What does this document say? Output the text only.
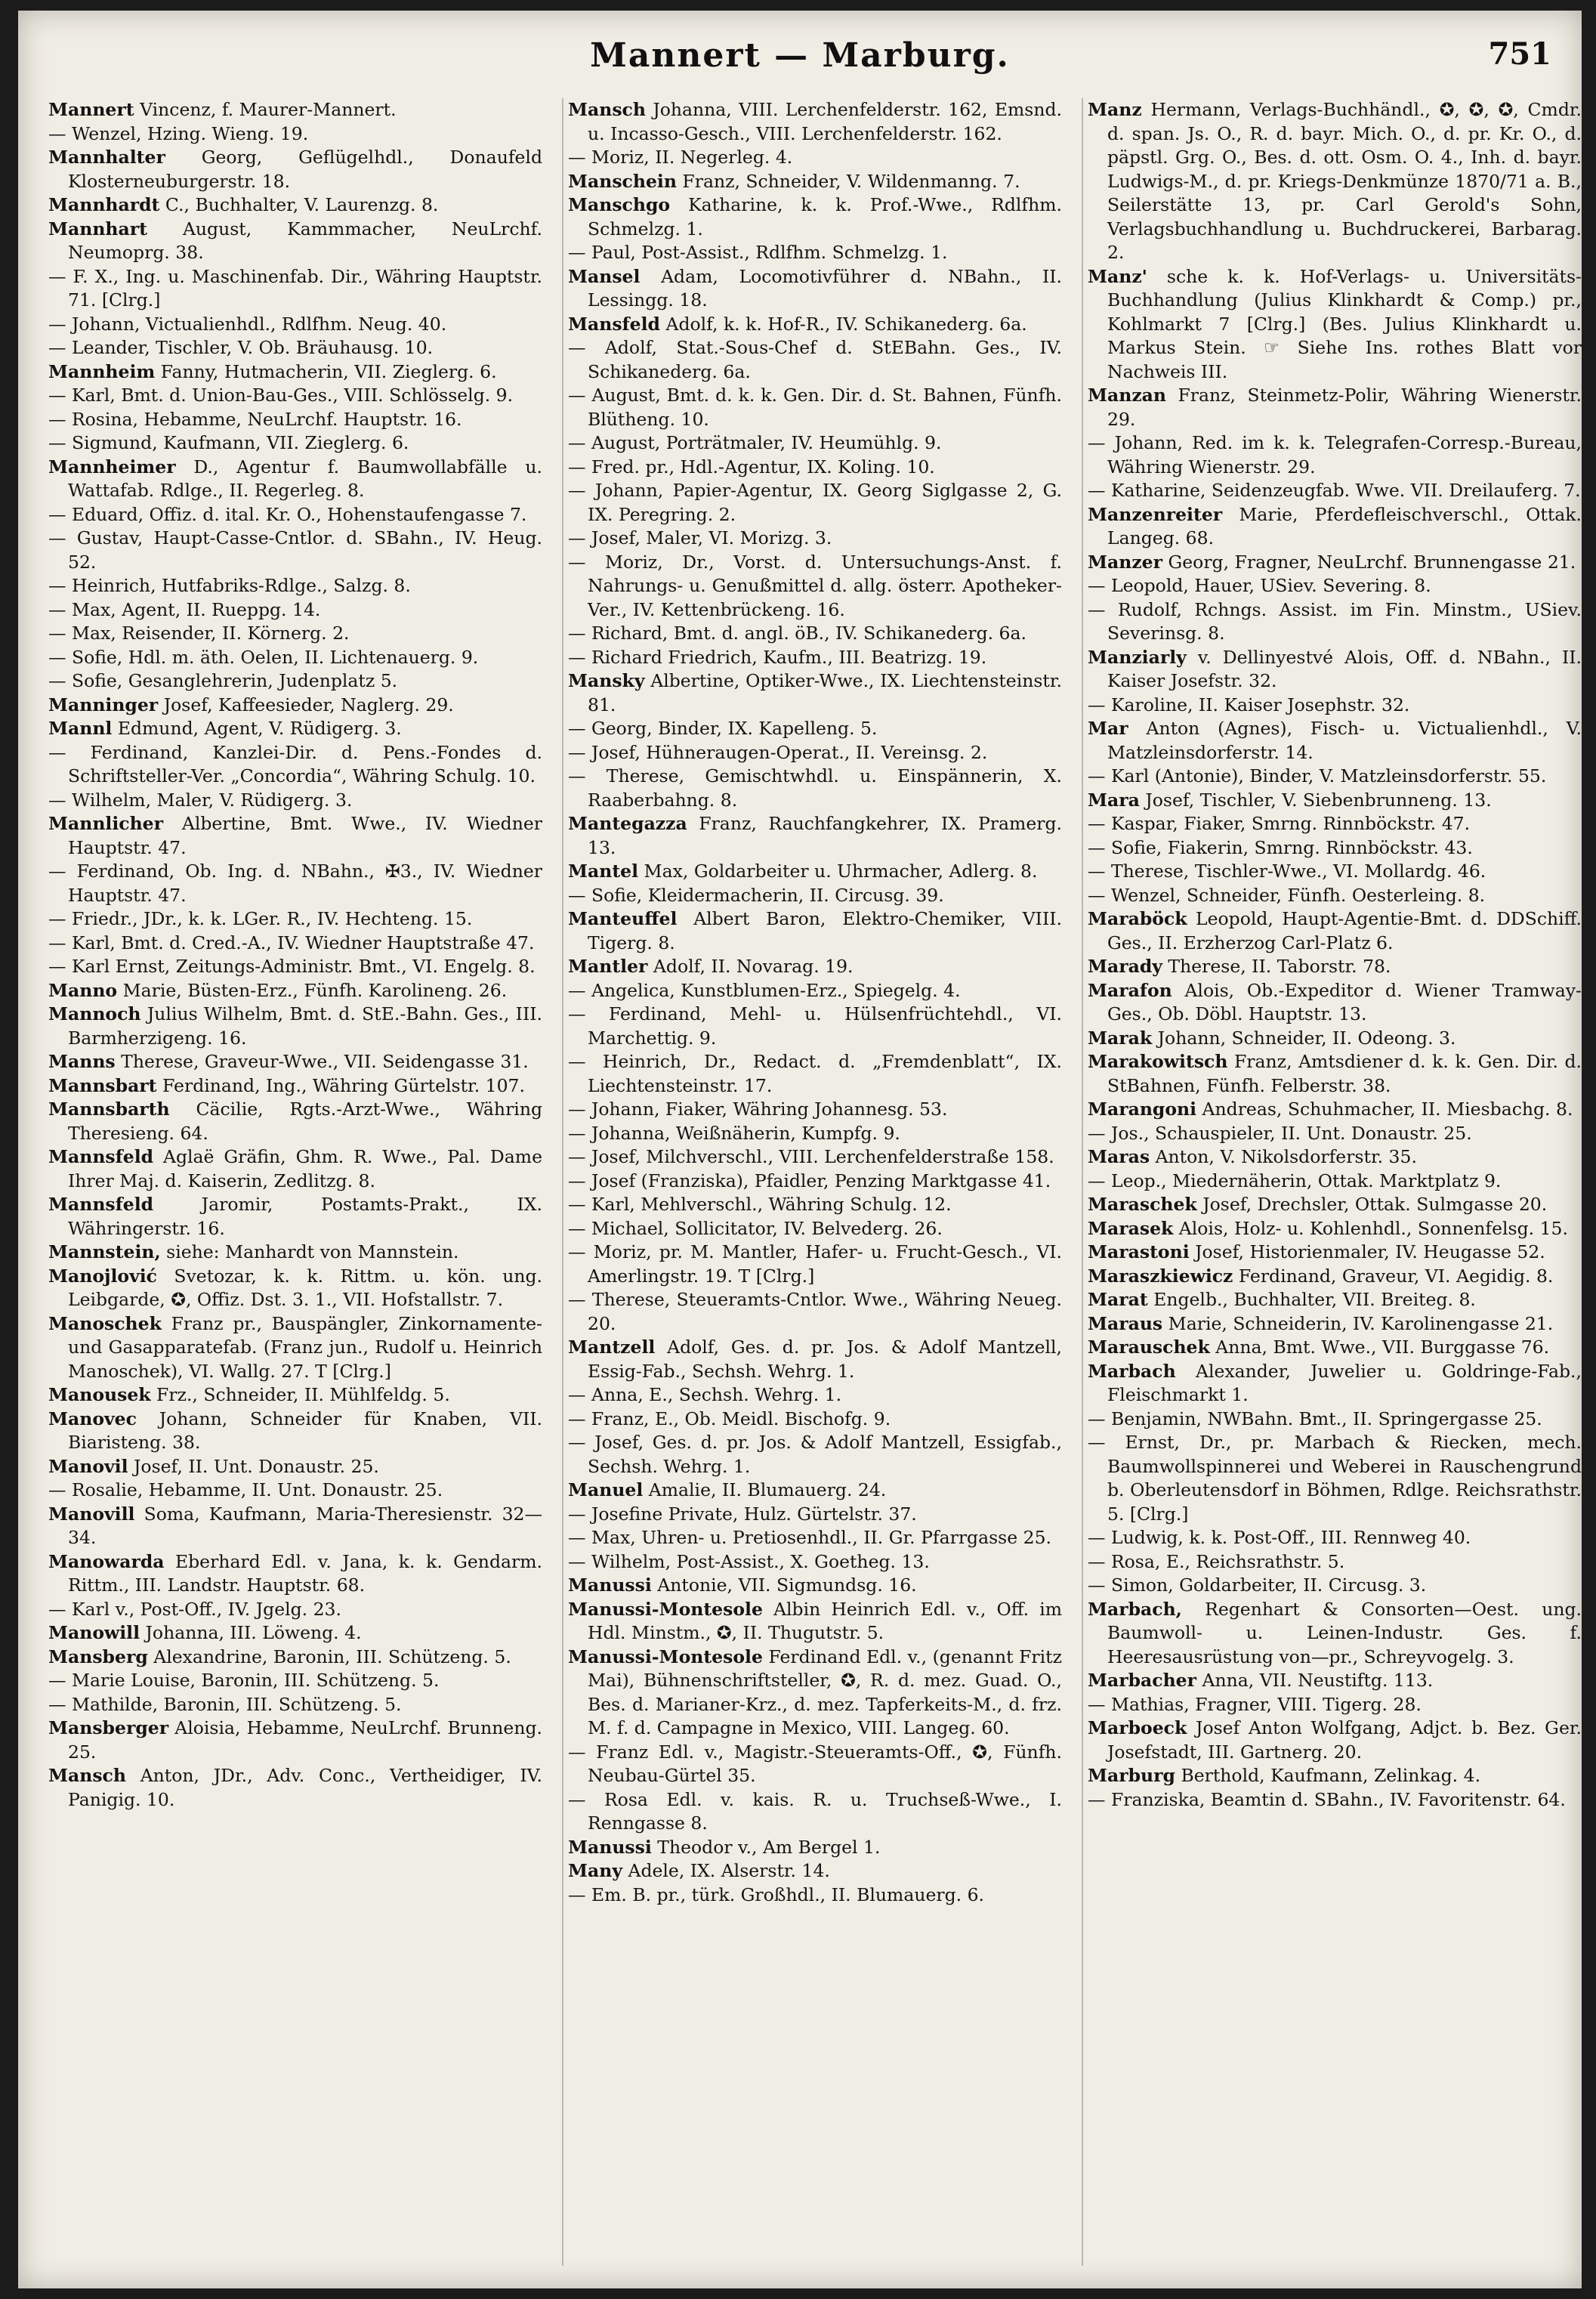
Mannert — Marburg.	751

Mannert Vincenz, f. Maurer-Mannert.

— Wenzel, Hzing. Wieng. 19.

Mannhalter Georg, Geflügelhdl., Donaufeld Klosterneuburgerstr. 18.

Mannhardt C., Buchhalter, V. Laurenzg. 8.

Mannhart August, Kammmacher, NeuLrchf. Neumoprg. 38.

— F. X., Ing. u. Maschinenfab. Dir., Währing Hauptstr. 71. [Clrg.]

— Johann, Victualienhdl., Rdlfhm. Neug. 40.

— Leander, Tischler, V. Ob. Bräuhausg. 10.

Mannheim Fanny, Hutmacherin, VII. Zieglerg. 6.

— Karl, Bmt. d. Union-Bau-Ges., VIII. Schlösselg. 9.

— Rosina, Hebamme, NeuLrchf. Hauptstr. 16.

— Sigmund, Kaufmann, VII. Zieglerg. 6.

Mannheimer D., Agentur f. Baumwollabfälle u. Wattafab. Rdlge., II. Regerleg. 8.

— Eduard, Offiz. d. ital. Kr. O., Hohenstaufengasse 7.

— Gustav, Haupt-Casse-Cntlor. d. SBahn., IV. Heug. 52.

— Heinrich, Hutfabriks-Rdlge., Salzg. 8.

— Max, Agent, II. Rueppg. 14.

— Max, Reisender, II. Körnerg. 2.

— Sofie, Hdl. m. äth. Oelen, II. Lichtenauerg. 9.

— Sofie, Gesanglehrerin, Judenplatz 5.

Manninger Josef, Kaffeesieder, Naglerg. 29.

Mannl Edmund, Agent, V. Rüdigerg. 3.

— Ferdinand, Kanzlei-Dir. d. Pens.-Fondes d. Schriftsteller-Ver. „Concordia“, Währing Schulg. 10.

— Wilhelm, Maler, V. Rüdigerg. 3.

Mannlicher Albertine, Bmt. Wwe., IV. Wiedner Hauptstr. 47.

— Ferdinand, Ob. Ing. d. NBahn., ✠3., IV. Wiedner Hauptstr. 47.

— Friedr., JDr., k. k. LGer. R., IV. Hechteng. 15.

— Karl, Bmt. d. Cred.-A., IV. Wiedner Hauptstraße 47.

— Karl Ernst, Zeitungs-Administr. Bmt., VI. Engelg. 8.

Manno Marie, Büsten-Erz., Fünfh. Karolineng. 26.

Mannoch Julius Wilhelm, Bmt. d. StE.-Bahn. Ges., III. Barmherzigeng. 16.

Manns Therese, Graveur-Wwe., VII. Seidengasse 31.

Mannsbart Ferdinand, Ing., Währing Gürtelstr. 107.

Mannsbarth Cäcilie, Rgts.-Arzt-Wwe., Währing Theresieng. 64.

Mannsfeld Aglaë Gräfin, Ghm. R. Wwe., Pal. Dame Ihrer Maj. d. Kaiserin, Zedlitzg. 8.

Mannsfeld	Jaromir, Postamts-Prakt., IX. Währingerstr. 16.

Mannstein, siehe: Manhardt von Mannstein.

Manojlović Svetozar, k. k. Rittm. u. kön. ung. Leibgarde, ✪, Offiz. Dst. 3. 1., VII. Hofstallstr. 7.

Manoschek Franz pr., Bauspängler, Zinkornamente- und Gasapparatefab. (Franz jun., Rudolf u. Heinrich Manoschek), VI. Wallg. 27. T [Clrg.]

Manousek Frz., Schneider, II. Mühlfeldg. 5.

Manovec Johann, Schneider für Knaben, VII. Biaristeng. 38.

Manovil Josef, II. Unt. Donaustr. 25.

— Rosalie, Hebamme, II. Unt. Donaustr. 25.

Manovill Soma, Kaufmann, Maria-Theresienstr. 32—34.

Manowarda Eberhard Edl. v. Jana, k. k. Gendarm. Rittm., III. Landstr. Hauptstr. 68.

— Karl v., Post-Off., IV. Jgelg. 23.

Manowill Johanna, III. Löweng. 4.

Mansberg Alexandrine, Baronin, III. Schützeng. 5.

— Marie Louise, Baronin, III. Schützeng. 5.

— Mathilde, Baronin, III. Schützeng. 5.

Mansberger Aloisia, Hebamme, NeuLrchf. Brunneng. 25.

Mansch Anton, JDr., Adv. Conc., Vertheidiger, IV. Panigig. 10.

Mansch Johanna, VIII. Lerchenfelderstr. 162, Emsnd. u. Incasso-Gesch., VIII. Lerchenfelderstr. 162.

— Moriz, II. Negerleg. 4.

Manschein Franz, Schneider, V. Wildenmanng. 7.

Manschgo Katharine, k. k. Prof.-Wwe., Rdlfhm. Schmelzg. 1.

— Paul, Post-Assist., Rdlfhm. Schmelzg. 1.

Mansel Adam, Locomotivführer d. NBahn., II. Lessingg. 18.

Mansfeld Adolf, k. k. Hof-R., IV. Schikanederg. 6a.

— Adolf, Stat.-Sous-Chef d. StEBahn. Ges., IV. Schikanederg. 6a.

— August, Bmt. d. k. k. Gen. Dir. d. St. Bahnen, Fünfh. Blütheng. 10.

— August, Porträtmaler, IV. Heumühlg. 9.

— Fred. pr., Hdl.-Agentur, IX. Koling. 10.

— Johann, Papier-Agentur, IX. Georg Siglgasse 2, G. IX. Peregring. 2.

— Josef, Maler, VI. Morizg. 3.

— Moriz, Dr., Vorst. d. Untersuchungs-Anst. f. Nahrungs- u. Genußmittel d. allg. österr. Apotheker-Ver., IV. Kettenbrückeng. 16.

— Richard, Bmt. d. angl. öB., IV. Schikanederg. 6a.

— Richard Friedrich, Kaufm., III. Beatrizg. 19.

Mansky Albertine, Optiker-Wwe., IX. Liechtensteinstr. 81.

— Georg, Binder, IX. Kapelleng. 5.

— Josef, Hühneraugen-Operat., II. Vereinsg. 2.

— Therese, Gemischtwhdl. u. Einspännerin, X. Raaberbahng. 8.

Mantegazza Franz, Rauchfangkehrer, IX. Pramerg. 13.

Mantel Max, Goldarbeiter u. Uhrmacher, Adlerg. 8.

— Sofie, Kleidermacherin, II. Circusg. 39.

Manteuffel Albert Baron, Elektro-Chemiker, VIII. Tigerg. 8.

Mantler Adolf, II. Novarag. 19.

— Angelica, Kunstblumen-Erz., Spiegelg. 4.

— Ferdinand, Mehl- u. Hülsenfrüchtehdl., VI. Marchettig. 9.

— Heinrich, Dr., Redact. d. „Fremdenblatt“, IX. Liechtensteinstr. 17.

— Johann, Fiaker, Währing Johannesg. 53.

— Johanna, Weißnäherin, Kumpfg. 9.

— Josef, Milchverschl., VIII. Lerchenfelderstraße 158.

— Josef (Franziska), Pfaidler, Penzing Marktgasse 41.

— Karl, Mehlverschl., Währing Schulg. 12.

— Michael, Sollicitator, IV. Belvederg. 26.

— Moriz, pr. M. Mantler, Hafer- u. Frucht-Gesch., VI. Amerlingstr. 19. T [Clrg.]

— Therese, Steueramts-Cntlor. Wwe., Währing Neueg. 20.

Mantzell Adolf, Ges. d. pr. Jos. & Adolf Mantzell, Essig-Fab., Sechsh. Wehrg. 1.

— Anna, E., Sechsh. Wehrg. 1.

— Franz, E., Ob. Meidl. Bischofg. 9.

— Josef, Ges. d. pr. Jos. & Adolf Mantzell, Essigfab., Sechsh. Wehrg. 1.

Manuel Amalie, II. Blumauerg. 24.

— Josefine Private, Hulz. Gürtelstr. 37.

— Max, Uhren- u. Pretiosenhdl., II. Gr. Pfarrgasse 25.

— Wilhelm, Post-Assist., X. Goetheg. 13.

Manussi Antonie, VII. Sigmundsg. 16.

Manussi-Montesole Albin Heinrich Edl. v., Off. im Hdl. Minstm., ✪, II. Thugutstr. 5.

Manussi-Montesole Ferdinand Edl. v., (genannt Fritz Mai), Bühnenschriftsteller, ✪, R. d. mez. Guad. O., Bes. d. Marianer-Krz., d. mez. Tapferkeits-M., d. frz. M. f. d. Campagne in Mexico, VIII. Langeg. 60.

— Franz Edl. v., Magistr.-Steueramts-Off., ✪, Fünfh. Neubau-Gürtel 35.

— Rosa Edl. v. kais. R. u. Truchseß-Wwe., I. Renngasse 8.

Manussi Theodor v., Am Bergel 1.

Many Adele, IX. Alserstr. 14.

— Em. B. pr., türk. Großhdl., II. Blumauerg. 6.

Manz Hermann, Verlags-Buchhändl., ✪, ✪, ✪, Cmdr. d. span. Js. O., R. d. bayr. Mich. O., d. pr. Kr. O., d. päpstl. Grg. O., Bes. d. ott. Osm. O. 4., Inh. d. bayr. Ludwigs-M., d. pr. Kriegs-Denkmünze 1870/71 a. B., Seilerstätte 13, pr. Carl Gerold's Sohn, Verlagsbuchhandlung u. Buchdruckerei, Barbarag. 2.

Manz' sche k. k. Hof-Verlags- u. Universitäts-Buchhandlung (Julius Klinkhardt & Comp.) pr., Kohlmarkt 7 [Clrg.] (Bes. Julius Klinkhardt u. Markus Stein. ☞ Siehe Ins. rothes Blatt vor Nachweis III.

Manzan Franz, Steinmetz-Polir, Währing Wienerstr. 29.

— Johann, Red. im k. k. Telegrafen-Corresp.-Bureau, Währing Wienerstr. 29.

— Katharine, Seidenzeugfab. Wwe. VII. Dreilauferg. 7.

Manzenreiter Marie, Pferdefleischverschl., Ottak. Langeg. 68.

Manzer Georg, Fragner, NeuLrchf. Brunnengasse 21.

— Leopold, Hauer, USiev. Severing. 8.

— Rudolf, Rchngs. Assist. im Fin. Minstm., USiev. Severinsg. 8.

Manziarly v. Dellinyestvé Alois, Off. d. NBahn., II. Kaiser Josefstr. 32.

— Karoline, II. Kaiser Josephstr. 32.

Mar Anton (Agnes), Fisch- u. Victualienhdl., V. Matzleinsdorferstr. 14.

— Karl (Antonie), Binder, V. Matzleinsdorferstr. 55.

Mara Josef, Tischler, V. Siebenbrunneng. 13.

— Kaspar, Fiaker, Smrng. Rinnböckstr. 47.

— Sofie, Fiakerin, Smrng. Rinnböckstr. 43.

— Therese, Tischler-Wwe., VI. Mollardg. 46.

— Wenzel, Schneider, Fünfh. Oesterleing. 8.

Maraböck Leopold, Haupt-Agentie-Bmt. d. DDSchiff. Ges., II. Erzherzog Carl-Platz 6.

Marady Therese, II. Taborstr. 78.

Marafon Alois, Ob.-Expeditor d. Wiener Tramway-Ges., Ob. Döbl. Hauptstr. 13.

Marak Johann, Schneider, II. Odeong. 3.

Marakowitsch Franz, Amtsdiener d. k. k. Gen. Dir. d. StBahnen, Fünfh. Felberstr. 38.

Marangoni Andreas, Schuhmacher, II. Miesbachg. 8.

— Jos., Schauspieler, II. Unt. Donaustr. 25.

Maras Anton, V. Nikolsdorferstr. 35.

— Leop., Miedernäherin, Ottak. Marktplatz 9.

Maraschek Josef, Drechsler, Ottak. Sulmgasse 20.

Marasek Alois, Holz- u. Kohlenhdl., Sonnenfelsg. 15.

Marastoni Josef, Historienmaler, IV. Heugasse 52.

Maraszkiewicz Ferdinand, Graveur, VI. Aegidig. 8.

Marat Engelb., Buchhalter, VII. Breiteg. 8.

Maraus Marie, Schneiderin, IV. Karolinengasse 21.

Marauschek Anna, Bmt. Wwe., VII. Burggasse 76.

Marbach Alexander, Juwelier u. Goldringe-Fab., Fleischmarkt 1.

— Benjamin, NWBahn. Bmt., II. Springergasse 25.

— Ernst, Dr., pr. Marbach & Riecken, mech. Baumwollspinnerei und Weberei in Rauschengrund b. Oberleutensdorf in Böhmen, Rdlge. Reichsrathstr. 5. [Clrg.]

— Ludwig, k. k. Post-Off., III. Rennweg 40.

— Rosa, E., Reichsrathstr. 5.

— Simon, Goldarbeiter, II. Circusg. 3.

Marbach, Regenhart & Consorten—Oest. ung. Baumwoll- u. Leinen-Industr. Ges. f. Heeresausrüstung von—pr., Schreyvogelg. 3.

Marbacher Anna, VII. Neustiftg. 113.

— Mathias, Fragner, VIII. Tigerg. 28.

Marboeck Josef Anton Wolfgang, Adjct. b. Bez. Ger. Josefstadt, III. Gartnerg. 20.

Marburg Berthold, Kaufmann, Zelinkag. 4.

— Franziska, Beamtin d. SBahn., IV. Favoritenstr. 64.
